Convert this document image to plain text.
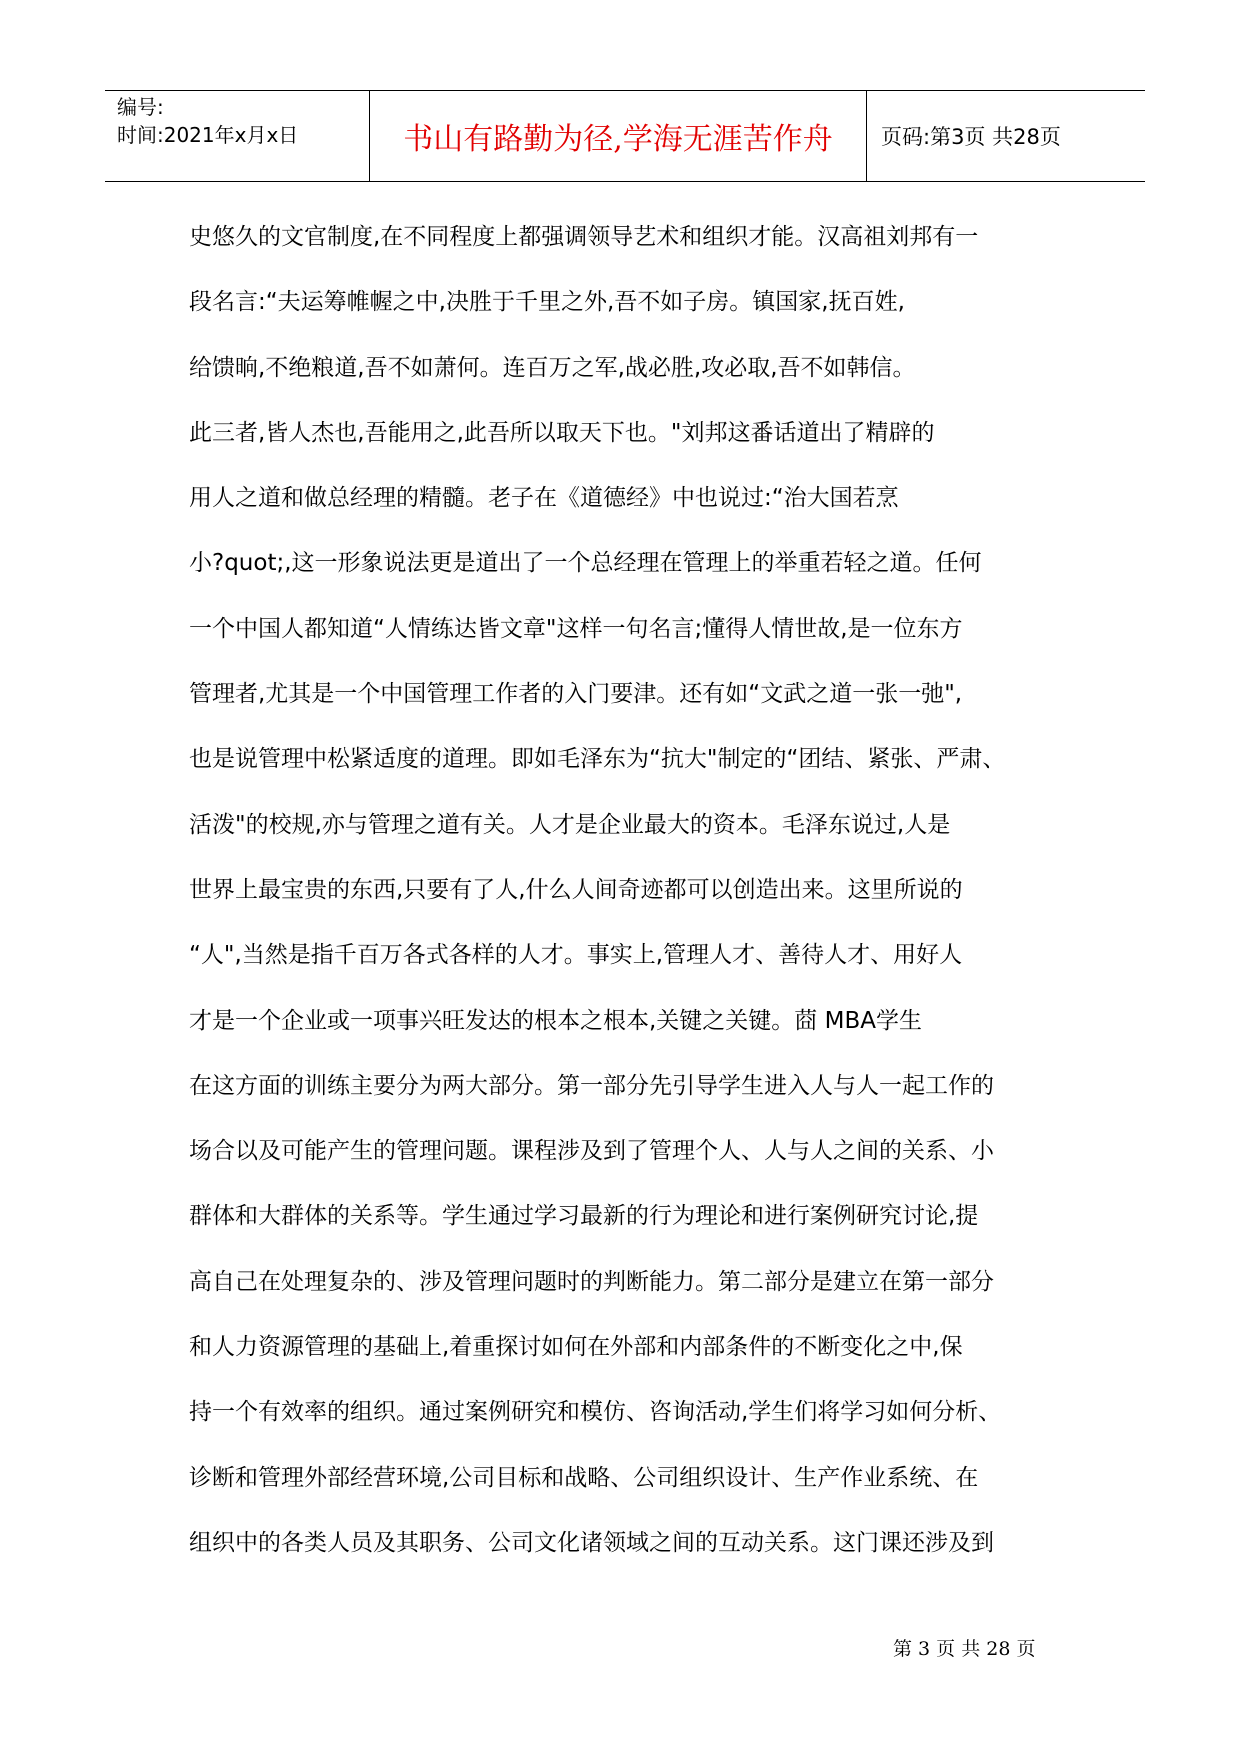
编号:
时间:2021年x月x日	书山有路勤为径,学海无涯苦作舟 页码:第3页 共28页
史悠久的文官制度,在不同程度上都强调领导艺术和组织才能。汉高祖刘邦有一
段名言:“夫运筹帷幄之中,决胜于千里之外,吾不如子房。镇国家,抚百姓,
给馈晌,不绝粮道,吾不如萧何。连百万之军,战必胜,攻必取,吾不如韩信。
此三者,皆人杰也,吾能用之,此吾所以取天下也。"刘邦这番话道出了精辟的
用人之道和做总经理的精髓。老子在《道德经》中也说过:“治大国若烹
小?quot;,这一形象说法更是道出了一个总经理在管理上的举重若轻之道。任何
一个中国人都知道“人情练达皆文章"这样一句名言;懂得人情世故,是一位东方
管理者,尤其是一个中国管理工作者的入门要津。还有如“文武之道一张一弛",
也是说管理中松紧适度的道理。即如毛泽东为“抗大"制定的“团结、紧张、严肃、
活泼"的校规,亦与管理之道有关。人才是企业最大的资本。毛泽东说过,人是
世界上最宝贵的东西,只要有了人,什么人间奇迹都可以创造出来。这里所说的
“人",当然是指千百万各式各样的人才。事实上,管理人才、善待人才、用好人
才是一个企业或一项事兴旺发达的根本之根本,关键之关键。莔 MBA学生
在这方面的训练主要分为两大部分。第一部分先引导学生进入人与人一起工作的
场合以及可能产生的管理问题。课程涉及到了管理个人、人与人之间的关系、小
群体和大群体的关系等。学生通过学习最新的行为理论和进行案例研究讨论,提
高自己在处理复杂的、涉及管理问题时的判断能力。第二部分是建立在第一部分
和人力资源管理的基础上,着重探讨如何在外部和内部条件的不断变化之中,保
持一个有效率的组织。通过案例研究和模仿、咨询活动,学生们将学习如何分析、
诊断和管理外部经营环境,公司目标和战略、公司组织设计、生产作业系统、在
组织中的各类人员及其职务、公司文化诸领域之间的互动关系。这门课还涉及到
第 3 页 共 28 页
